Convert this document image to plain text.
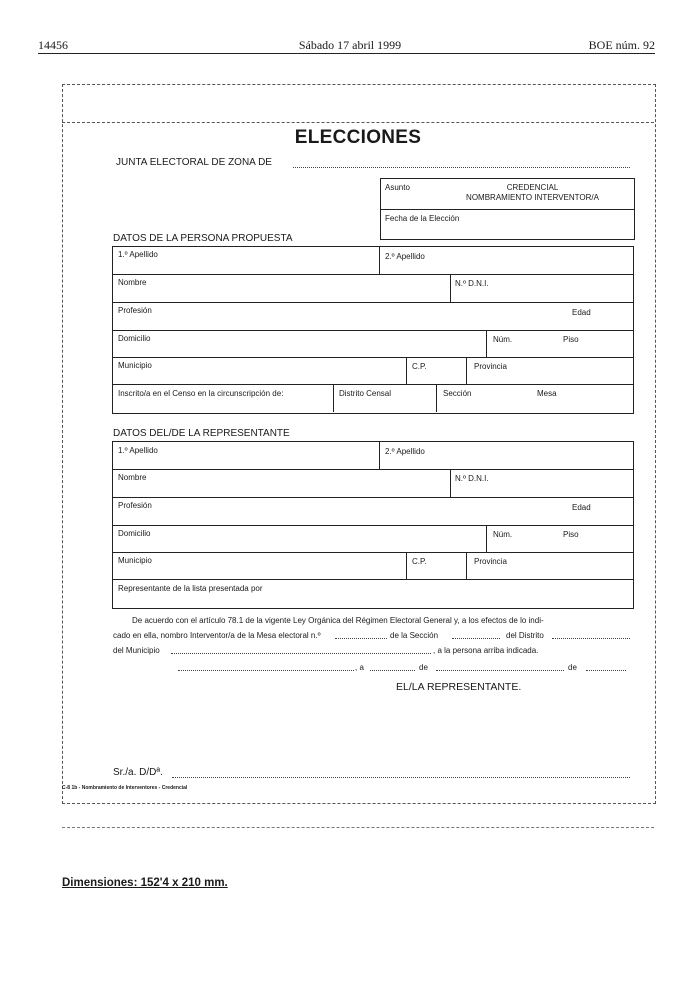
14456	Sábado 17 abril 1999	BOE núm. 92
ELECCIONES
JUNTA ELECTORAL DE ZONA DE
Asunto	CREDENCIAL
NOMBRAMIENTO INTERVENTOR/A
Fecha de la Elección
DATOS DE LA PERSONA PROPUESTA
1.º Apellido	2.º Apellido
Nombre	N.º D.N.I.
Profesión	Edad
Domicilio	Núm.	Piso
Municipio	C.P.	Provincia
Inscrito/a en el Censo en la circunscripción de:	Distrito Censal	Sección	Mesa
DATOS DEL/DE LA REPRESENTANTE
1.º Apellido	2.º Apellido
Nombre	N.º D.N.I.
Profesión	Edad
Domicilio	Núm.	Piso
Municipio	C.P.	Provincia
Representante de la lista presentada por
De acuerdo con el artículo 78.1 de la vigente Ley Orgánica del Régimen Electoral General y, a los efectos de lo indi-
cado en ella, nombro Interventor/a de la Mesa electoral n.º	de la Sección	del Distrito
del Municipio	, a la persona arriba indicada.
, a	de	de
EL/LA REPRESENTANTE.
Sr./a. D/Dª.
C-8 1b - Nombramiento de Interventores - Credencial
Dimensiones: 152'4 x 210 mm.
